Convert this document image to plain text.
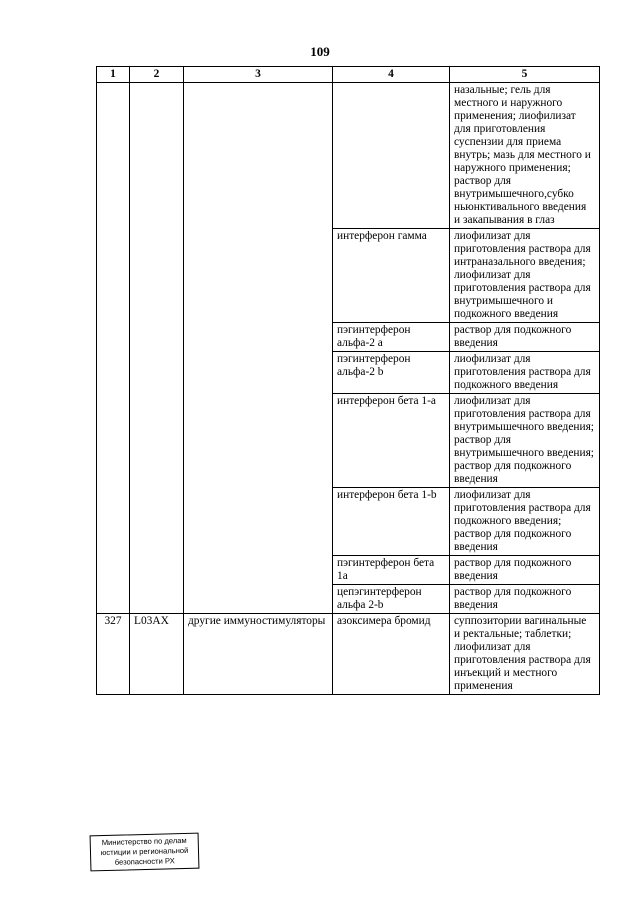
109
1	2	3	4	5
				назальные; гель для местного и наружного применения; лиофилизат для приготовления суспензии для приема внутрь; мазь для местного и наружного применения; раствор для внутримышечного,субко ньюнктивального введения и закапывания в глаз
			интерферон гамма	лиофилизат для приготовления раствора для интраназального введения; лиофилизат для приготовления раствора для внутримышечного и подкожного введения
			пэгинтерферон альфа-2 а	раствор для подкожного введения
			пэгинтерферон альфа-2 b	лиофилизат для приготовления раствора для подкожного введения
			интерферон бета 1-а	лиофилизат для приготовления раствора для внутримышечного введения; раствор для внутримышечного введения; раствор для подкожного введения
			интерферон бета 1-b	лиофилизат для приготовления раствора для подкожного введения; раствор для подкожного введения
			пэгинтерферон бета 1а	раствор для подкожного введения
			цепэгинтерферон альфа 2-b	раствор для подкожного введения
327	L03AX	другие иммуностимуляторы	азоксимера бромид	суппозитории вагинальные и ректальные; таблетки; лиофилизат для приготовления раствора для инъекций и местного применения
Министерство по делам
юстиции и региональной
безопасности РХ
